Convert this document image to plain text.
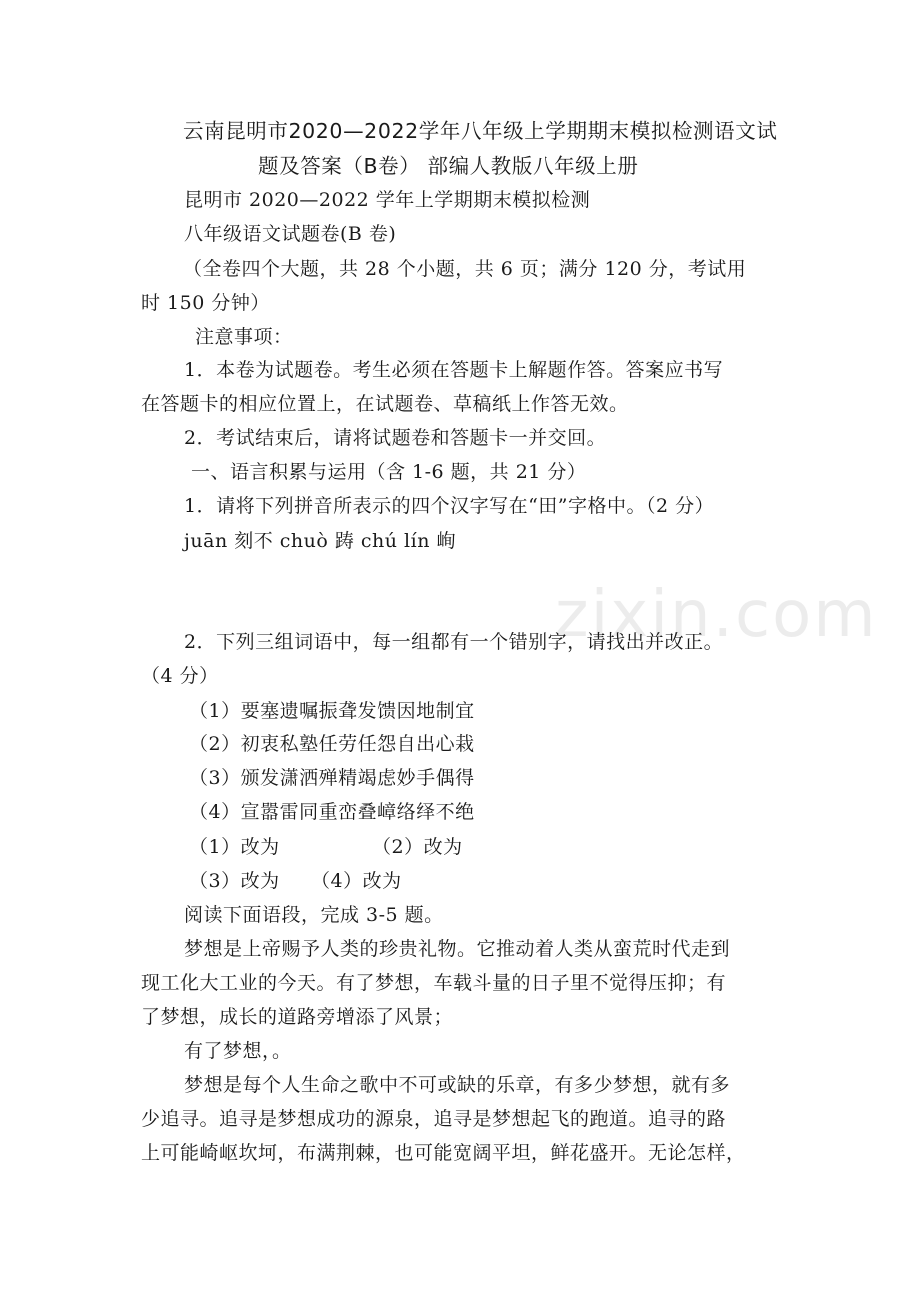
zixin.com
云南昆明市2020—2022学年八年级上学期期末模拟检测语文试
题及答案（B卷） 部编人教版八年级上册
昆明市 2020—2022 学年上学期期末模拟检测
八年级语文试题卷(B 卷)
（全卷四个大题，共 28 个小题，共 6 页；满分 120 分，考试用
时 150 分钟）
注意事项：
1．本卷为试题卷。考生必须在答题卡上解题作答。答案应书写
在答题卡的相应位置上，在试题卷、草稿纸上作答无效。
2．考试结束后，请将试题卷和答题卡一并交回。
一、语言积累与运用（含 1-6 题，共 21 分）
1．请将下列拼音所表示的四个汉字写在“田”字格中。（2 分）
juān 刻不 chuò 踌 chú lín 峋
2．下列三组词语中，每一组都有一个错别字，请找出并改正。
（4 分）
（1）要塞遗嘱振聋发馈因地制宜
（2）初衷私塾任劳任怨自出心栽
（3）颁发潇洒殚精竭虑妙手偶得
（4）宣嚣雷同重峦叠嶂络绎不绝
（1）改为	（2）改为
（3）改为 （4）改为
阅读下面语段，完成 3-5 题。
梦想是上帝赐予人类的珍贵礼物。它推动着人类从蛮荒时代走到
现工化大工业的今天。有了梦想，车载斗量的日子里不觉得压抑；有
了梦想，成长的道路旁增添了风景；
有了梦想，。
梦想是每个人生命之歌中不可或缺的乐章，有多少梦想，就有多
少追寻。追寻是梦想成功的源泉，追寻是梦想起飞的跑道。追寻的路
上可能崎岖坎坷，布满荆棘，也可能宽阔平坦，鲜花盛开。无论怎样，
